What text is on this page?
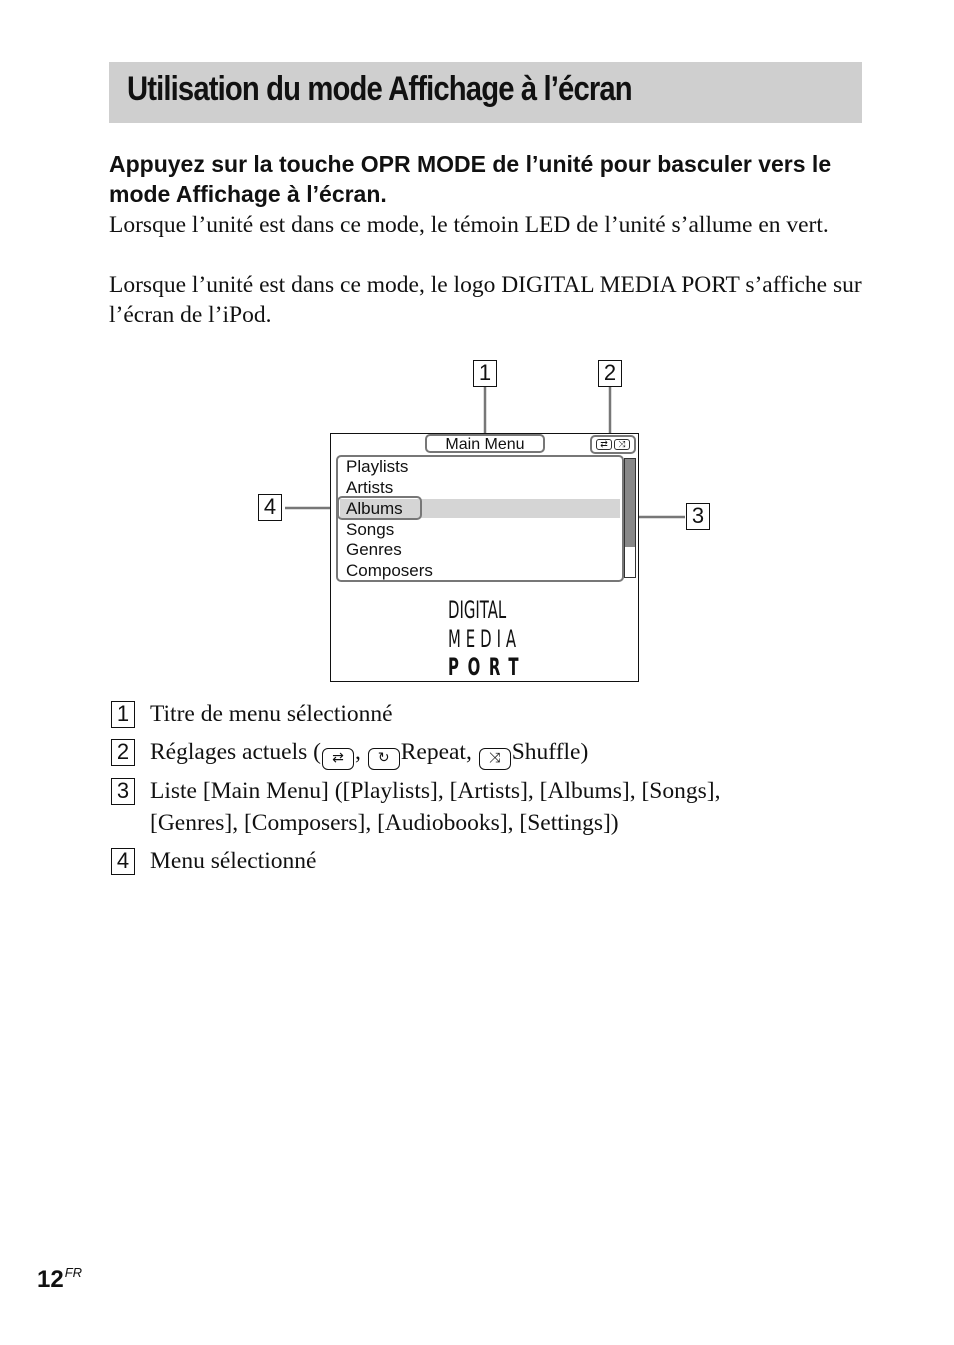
Utilisation du mode Affichage à l’écran
Appuyez sur la touche OPR MODE de l’unité pour basculer vers le mode Affichage à l’écran.
Lorsque l’unité est dans ce mode, le témoin LED de l’unité s’allume en vert.
Lorsque l’unité est dans ce mode, le logo DIGITAL MEDIA PORT s’affiche sur l’écran de l’iPod.
1	2
3
4
Main Menu	⇄	⤨
Playlists
Artists
Albums
Songs
Genres
Composers
DIGITAL
MEDIA
PORT
1 Titre de menu sélectionné
2 Réglages actuels ( ⇄ , ↻ Repeat, ⤨ Shuffle)
3 Liste [Main Menu] ([Playlists], [Artists], [Albums], [Songs],
[Genres], [Composers], [Audiobooks], [Settings])
4 Menu sélectionné
$12^{FR}$
